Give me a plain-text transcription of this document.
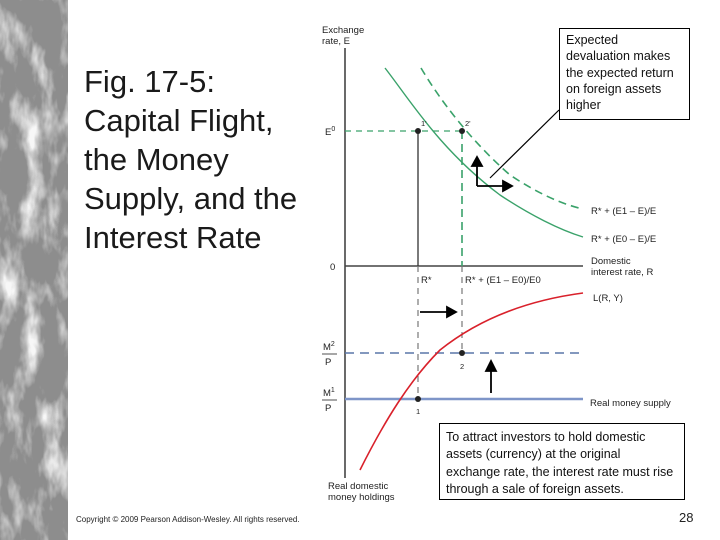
Fig. 17-5: Capital Flight, the Money Supply, and the Interest Rate
Exchange
rate, E
$E^0$
0
$M^2$
P
$M^1$
P
1'	2'
1
2
R*	R* + (E1 – E0)/E0
R* + (E1 – E)/E
R* + (E0 – E)/E
Domestic
interest rate, R
L(R, Y)
Real money supply
Real domestic
money holdings
Expected devaluation makes the expected return on foreign assets higher
To attract investors to hold domestic assets (currency) at the original exchange rate, the interest rate must rise through a sale of foreign assets.
Copyright © 2009 Pearson Addison-Wesley. All rights reserved.	28
